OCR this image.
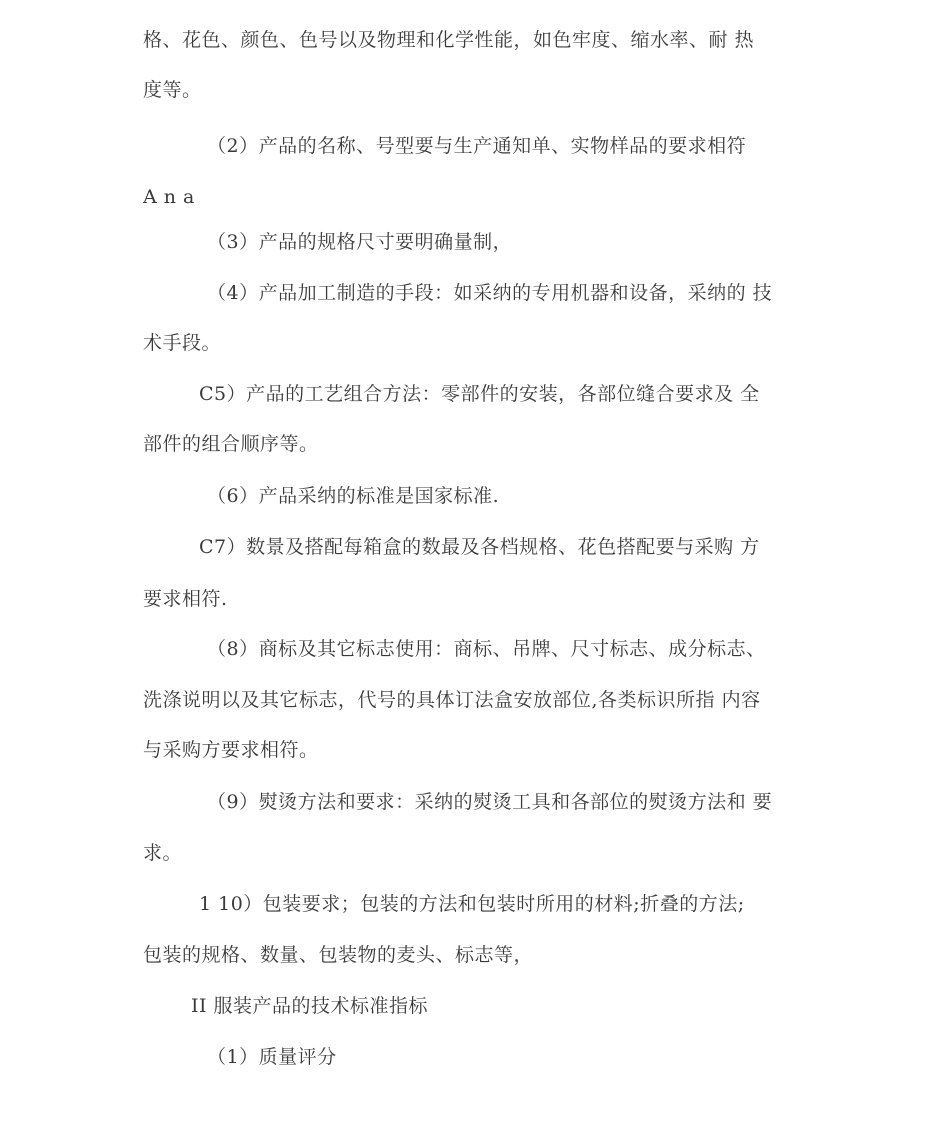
格、花色、颜色、色号以及物理和化学性能，如色牢度、缩水率、耐 热
度等。
（2）产品的名称、号型要与生产通知单、实物样品的要求相符
A n a
（3）产品的规格尺寸要明确量制，
（4）产品加工制造的手段：如采纳的专用机器和设备，采纳的 技
术手段。
C5）产品的工艺组合方法：零部件的安装，各部位缝合要求及 全
部件的组合顺序等。
（6）产品采纳的标准是国家标准.
C7）数景及搭配每箱盒的数最及各档规格、花色搭配要与采购 方
要求相符.
（8）商标及其它标志使用：商标、吊牌、尺寸标志、成分标志、
洗涤说明以及其它标志，代号的具体订法盒安放部位,各类标识所指 内容
与采购方要求相符。
（9）熨烫方法和要求：采纳的熨烫工具和各部位的熨烫方法和 要
求。
1 10）包装要求；包装的方法和包装时所用的材料;折叠的方法;
包装的规格、数量、包装物的麦头、标志等，
II 服装产品的技术标准指标
（1）质量评分
